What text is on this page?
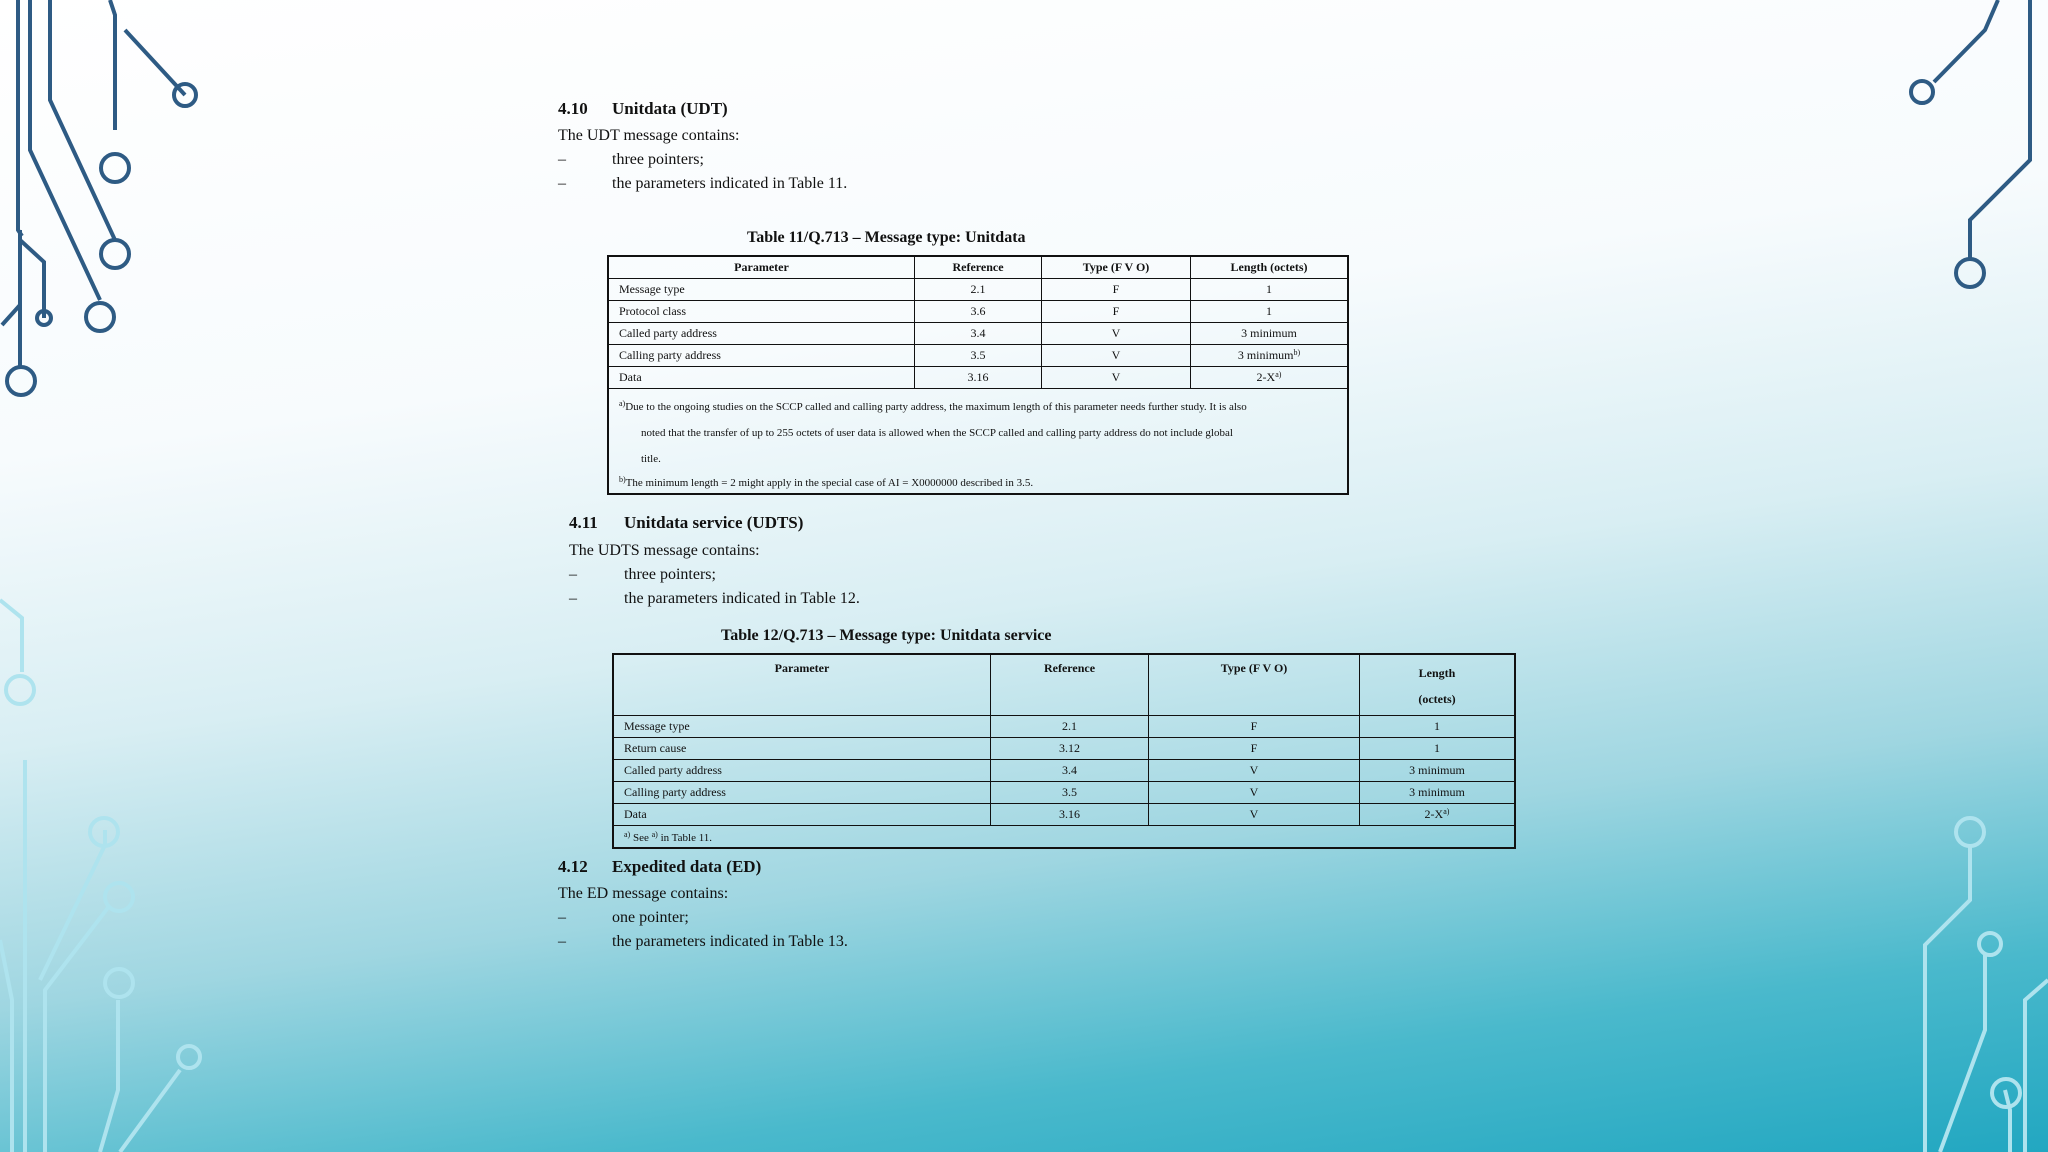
4.10 Unitdata (UDT)
The UDT message contains:
–	three pointers;
–	the parameters indicated in Table 11.
Table 11/Q.713 – Message type: Unitdata
Parameter	Reference	Type (F V O)	Length (octets)
Message type	2.1	F	1
Protocol class	3.6	F	1
Called party address	3.4	V	3 minimum
Calling party address	3.5	V	3 minimum$^{b)}$
Data	3.16	V	$2-X^{a)}$

$^{a)}$Due to the ongoing studies on the SCCP called and calling party address, the maximum length of this parameter needs further study. It is also
noted that the transfer of up to 255 octets of user data is allowed when the SCCP called and calling party address do not include global
title.
$^{b)}$The minimum length = 2 might apply in the special case of AI = X0000000 described in 3.5.			
4.11 Unitdata service (UDTS)
The UDTS message contains:
–	three pointers;
–	the parameters indicated in Table 12.
Table 12/Q.713 – Message type: Unitdata service
Parameter	Reference	Type (F V O)	Length
(octets)

Message type	2.1	F	1
Return cause	3.12	F	1
Called party address	3.4	V	3 minimum
Calling party address	3.5	V	3 minimum
Data	3.16	V	$2-X^{a)}$
$^{a)}$ See $^{a)}$ in Table 11.			
4.12 Expedited data (ED)
The ED message contains:
–	one pointer;
–	the parameters indicated in Table 13.
